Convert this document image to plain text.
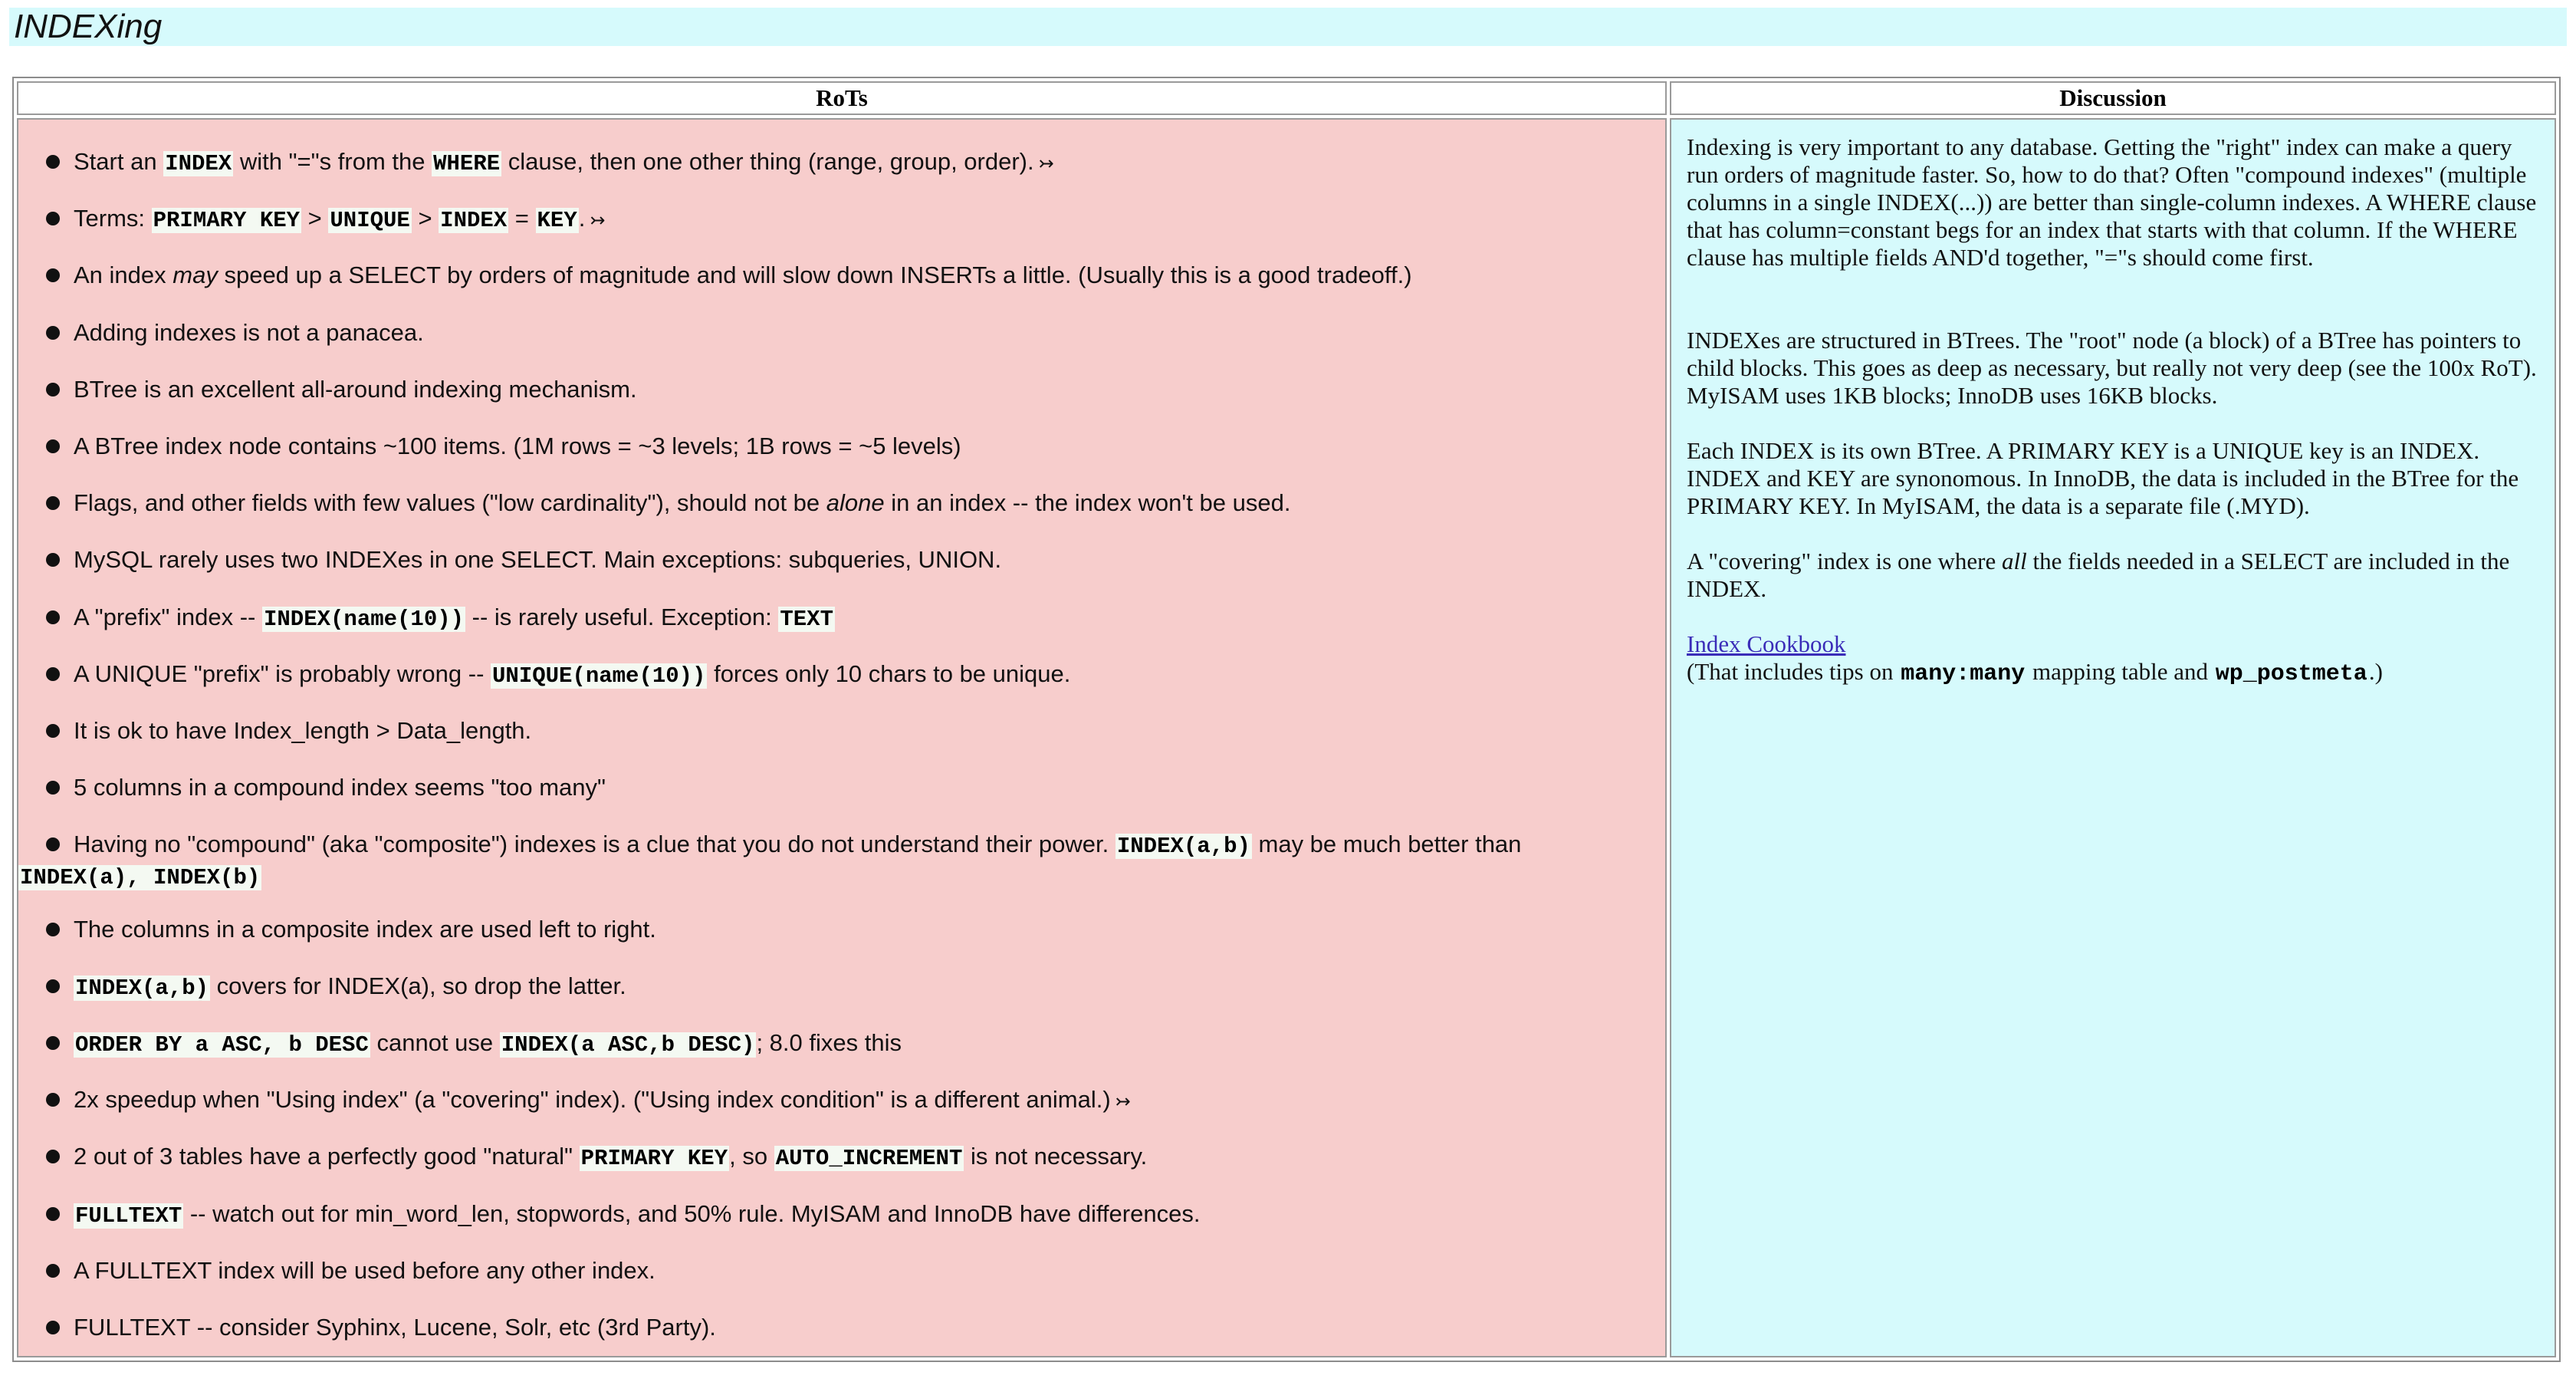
INDEXing
RoTs	Discussion
Start an INDEX with "="s from the WHERE clause, then one other thing (range, group, order). ↣
Terms: PRIMARY KEY > UNIQUE > INDEX = KEY. ↣
An index may speed up a SELECT by orders of magnitude and will slow down INSERTs a little. (Usually this is a good tradeoff.)
Adding indexes is not a panacea.
BTree is an excellent all-around indexing mechanism.
A BTree index node contains ~100 items. (1M rows = ~3 levels; 1B rows = ~5 levels)
Flags, and other fields with few values ("low cardinality"), should not be alone in an index -- the index won't be used.
MySQL rarely uses two INDEXes in one SELECT. Main exceptions: subqueries, UNION.
A "prefix" index -- INDEX(name(10)) -- is rarely useful. Exception: TEXT
A UNIQUE "prefix" is probably wrong -- UNIQUE(name(10)) forces only 10 chars to be unique.
It is ok to have Index_length > Data_length.
5 columns in a compound index seems "too many"
Having no "compound" (aka "composite") indexes is a clue that you do not understand their power. INDEX(a,b) may be much better than
INDEX(a), INDEX(b)
The columns in a composite index are used left to right.
INDEX(a,b) covers for INDEX(a), so drop the latter.
ORDER BY a ASC, b DESC cannot use INDEX(a ASC,b DESC); 8.0 fixes this
2x speedup when "Using index" (a "covering" index). ("Using index condition" is a different animal.) ↣
2 out of 3 tables have a perfectly good "natural" PRIMARY KEY, so AUTO_INCREMENT is not necessary.
FULLTEXT -- watch out for min_word_len, stopwords, and 50% rule. MyISAM and InnoDB have differences.
A FULLTEXT index will be used before any other index.
FULLTEXT -- consider Syphinx, Lucene, Solr, etc (3rd Party).

Indexing is very important to any database. Getting the "right" index can make a query run orders of magnitude faster. So, how to do that? Often "compound indexes" (multiple columns in a single INDEX(...)) are better than single-column indexes. A WHERE clause that has column=constant begs for an index that starts with that column. If the WHERE clause has multiple fields AND'd together, "="s should come first.

INDEXes are structured in BTrees. The "root" node (a block) of a BTree has pointers to child blocks. This goes as deep as necessary, but really not very deep (see the 100x RoT). MyISAM uses 1KB blocks; InnoDB uses 16KB blocks.

Each INDEX is its own BTree. A PRIMARY KEY is a UNIQUE key is an INDEX. INDEX and KEY are synonomous. In InnoDB, the data is included in the BTree for the PRIMARY KEY. In MyISAM, the data is a separate file (.MYD).

A "covering" index is one where all the fields needed in a SELECT are included in the INDEX.

Index Cookbook
(That includes tips on many:many mapping table and wp_postmeta.)
